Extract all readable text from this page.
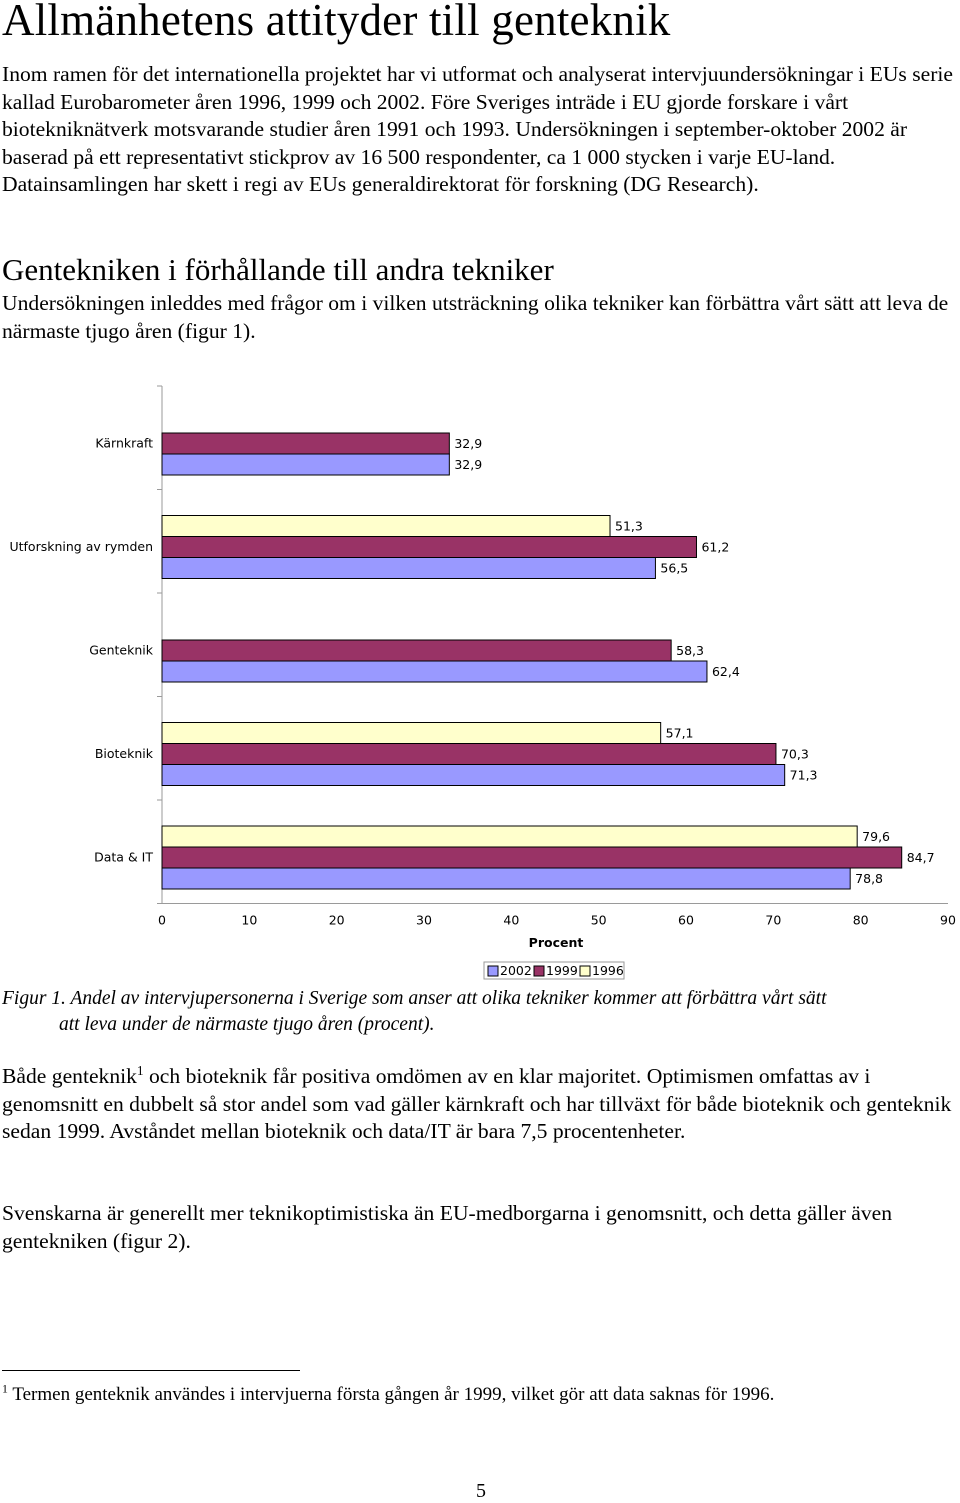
Allmänhetens attityder till genteknik

Inom ramen för det internationella projektet har vi utformat och analyserat intervjuundersökningar i EUs serie kallad Eurobarometer åren 1996, 1999 och 2002. Före Sveriges inträde i EU gjorde forskare i vårt biotekniknätverk motsvarande studier åren 1991 och 1993. Undersökningen i september-oktober 2002 är baserad på ett representativt stickprov av 16 500 respondenter, ca 1 000 stycken i varje EU-land. Datainsamlingen har skett i regi av EUs generaldirektorat för forskning (DG Research).

Gentekniken i förhållande till andra tekniker

Undersökningen inleddes med frågor om i vilken utsträckning olika tekniker kan förbättra vårt sätt att leva de närmaste tjugo åren (figur 1).

32,9
32,9
51,3
61,2
56,5
58,3
62,4
57,1
70,3
71,3
79,6
84,7
78,8
Kärnkraft
Utforskning av rymden
Genteknik
Bioteknik
Data & IT
0	10	20	30	40	50	60	70	80	90
Procent
2002 1999 1996
Figur 1. Andel av intervjupersonerna i Sverige som anser att olika tekniker kommer att förbättra vårt sätt
att leva under de närmaste tjugo åren (procent).

Både genteknik$^1$ och bioteknik får positiva omdömen av en klar majoritet. Optimismen omfattas av i genomsnitt en dubbelt så stor andel som vad gäller kärnkraft och har tillväxt för både bioteknik och genteknik sedan 1999. Avståndet mellan bioteknik och data/IT är bara 7,5 procentenheter.

Svenskarna är generellt mer teknikoptimistiska än EU-medborgarna i genomsnitt, och detta gäller även gentekniken (figur 2).

$^1$ Termen genteknik användes i intervjuerna första gången år 1999, vilket gör att data saknas för 1996.
5
